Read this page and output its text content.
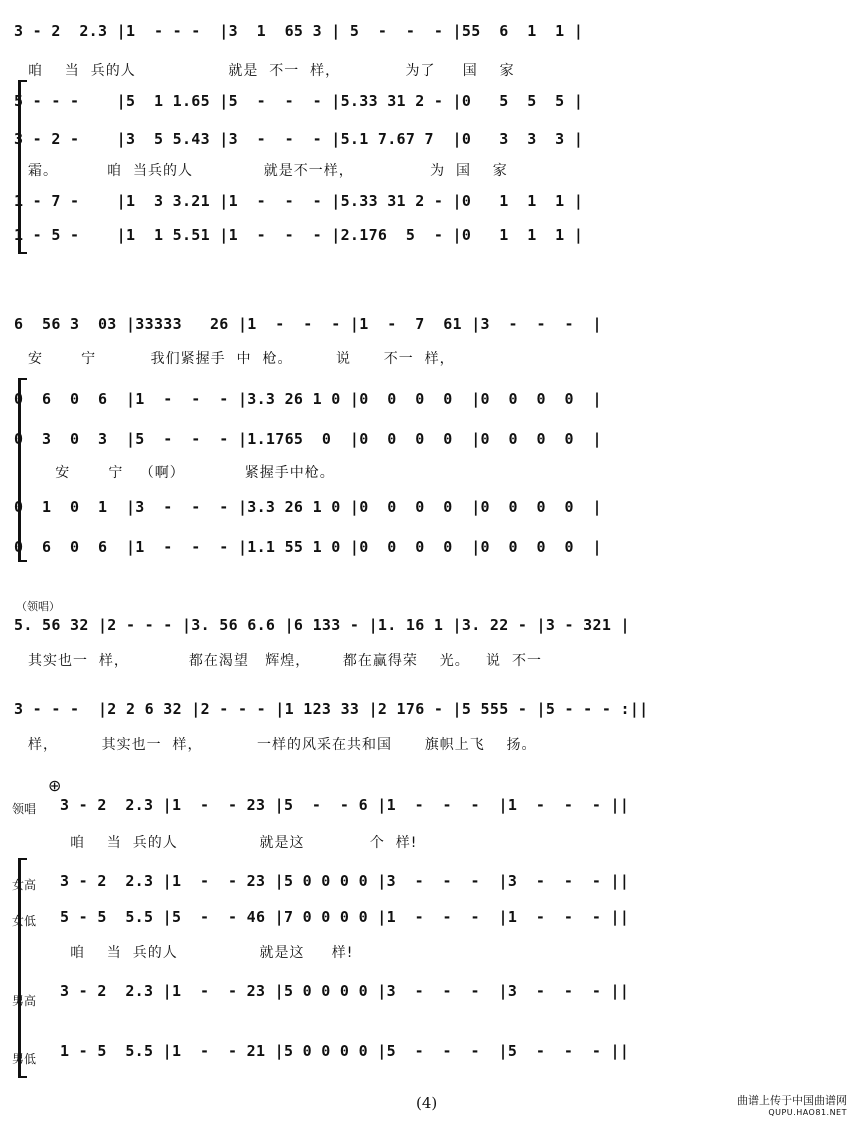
3 - 2  2.3 |1  - - -  |3  1  65 3 | 5  -  -  - |55  6  1  1 |
咱    当  兵的人                 就是  不一  样，            为了     国    家
5 - - -    |5  1 1.65 |5  -  -  - |5.33 31 2 - |0   5  5  5 |
3 - 2 -    |3  5 5.43 |3  -  -  - |5.1 7.67 7  |0   3  3  3 |
霜。         咱  当兵的人             就是不一样，              为  国    家
1 - 7 -    |1  3 3.21 |1  -  -  - |5.33 31 2 - |0   1  1  1 |
1 - 5 -    |1  1 5.51 |1  -  -  - |2.176  5  - |0   1  1  1 |
6  56 3  03 |33333   26 |1  -  -  - |1  -  7  61 |3  -  -  -  |
安       宁          我们紧握手  中  枪。        说      不一  样，
0  6  0  6  |1  -  -  - |3.3 26 1 0 |0  0  0  0  |0  0  0  0  |
0  3  0  3  |5  -  -  - |1.1765  0  |0  0  0  0  |0  0  0  0  |
安       宁   （啊）           紧握手中枪。
0  1  0  1  |3  -  -  - |3.3 26 1 0 |0  0  0  0  |0  0  0  0  |
0  6  0  6  |1  -  -  - |1.1 55 1 0 |0  0  0  0  |0  0  0  0  |
（领唱）
5. 56 32 |2 - - - |3. 56 6.6 |6 133 - |1. 16 1 |3. 22 - |3 - 321 |
其实也一  样，           都在渴望   辉煌，      都在赢得荣    光。   说  不一
3 - - -  |2 2 6 32 |2 - - - |1 123 33 |2 176 - |5 555 - |5 - - - :||
样，        其实也一  样，          一样的风采在共和国      旗帜上飞    扬。
⊕
领唱 3 - 2  2.3 |1  -  - 23 |5  -  - 6 |1  -  -  -  |1  -  -  - ||
咱    当  兵的人               就是这            个  样!
女高 3 - 2  2.3 |1  -  - 23 |5 0 0 0 0 |3  -  -  -  |3  -  -  - ||
女低 5 - 5  5.5 |5  -  - 46 |7 0 0 0 0 |1  -  -  -  |1  -  -  - ||
咱    当  兵的人               就是这     样!
男高
3 - 2  2.3 |1  -  - 23 |5 0 0 0 0 |3  -  -  -  |3  -  -  - ||
男低 1 - 5  5.5 |1  -  - 21 |5 0 0 0 0 |5  -  -  -  |5  -  -  - ||
(4)	曲谱上传于中国曲谱网
QUPU.HAO81.NET
